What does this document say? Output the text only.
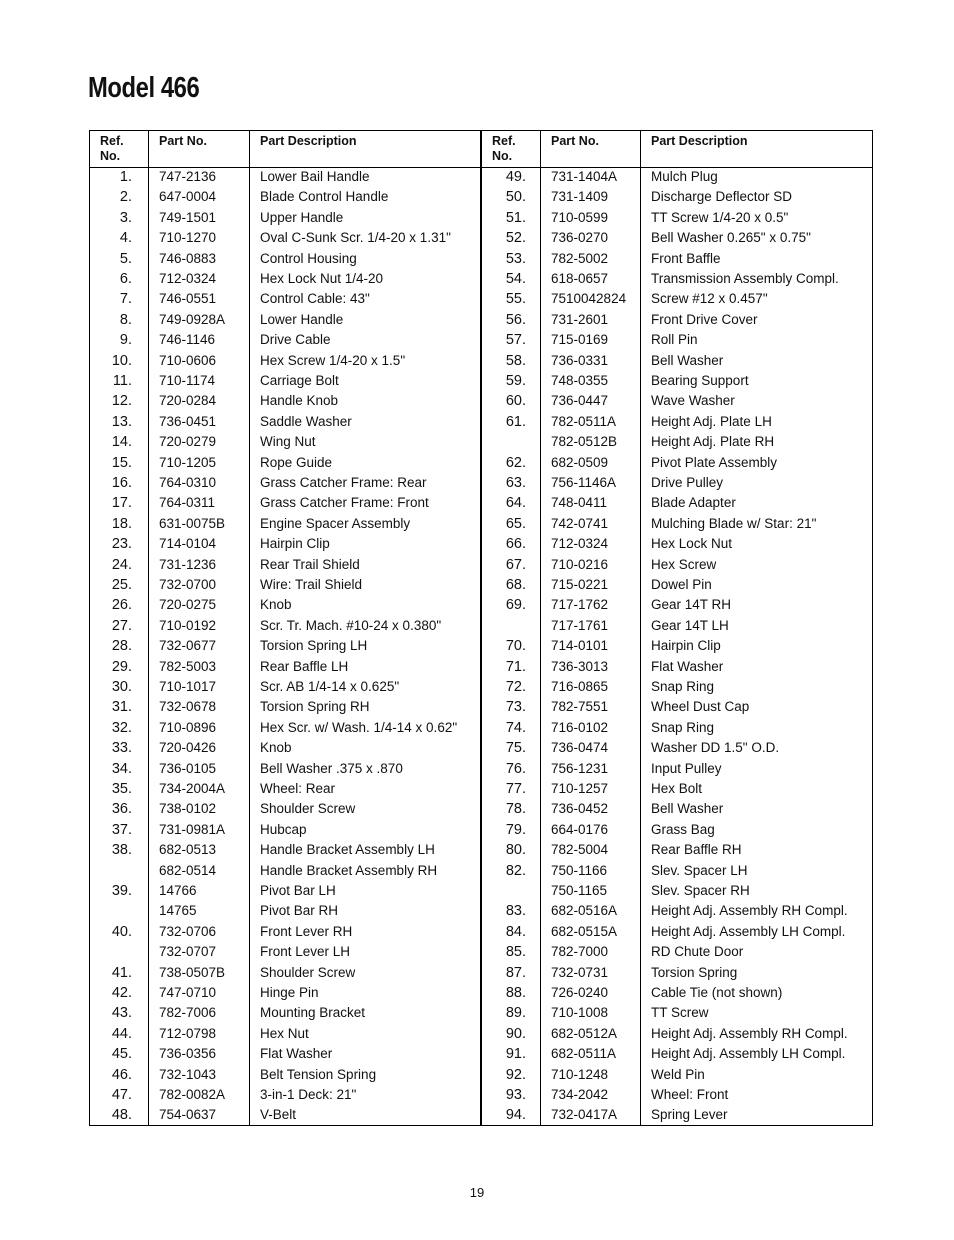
Model 466
Ref. No.
Part No.	Part Description
1. 747-2136	Lower Bail Handle
2. 647-0004	Blade Control Handle
3. 749-1501	Upper Handle
4. 710-1270	Oval C-Sunk Scr. 1/4-20 x 1.31"
5. 746-0883	Control Housing
6. 712-0324	Hex Lock Nut 1/4-20
7. 746-0551	Control Cable: 43"
8. 749-0928A	Lower Handle
9. 746-1146	Drive Cable
10. 710-0606	Hex Screw 1/4-20 x 1.5"
11. 710-1174	Carriage Bolt
12. 720-0284	Handle Knob
13. 736-0451	Saddle Washer
14. 720-0279	Wing Nut
15. 710-1205	Rope Guide
16. 764-0310	Grass Catcher Frame: Rear
17. 764-0311	Grass Catcher Frame: Front
18. 631-0075B	Engine Spacer Assembly
23. 714-0104	Hairpin Clip
24. 731-1236	Rear Trail Shield
25. 732-0700	Wire: Trail Shield
26. 720-0275	Knob
27. 710-0192	Scr. Tr. Mach. #10-24 x 0.380"
28. 732-0677	Torsion Spring LH
29. 782-5003	Rear Baffle LH
30. 710-1017	Scr. AB 1/4-14 x 0.625"
31. 732-0678	Torsion Spring RH
32. 710-0896	Hex Scr. w/ Wash. 1/4-14 x 0.62"
33. 720-0426	Knob
34. 736-0105	Bell Washer .375 x .870
35. 734-2004A	Wheel: Rear
36. 738-0102	Shoulder Screw
37. 731-0981A	Hubcap
38. 682-0513	Handle Bracket Assembly LH
682-0514	Handle Bracket Assembly RH
39. 14766	Pivot Bar LH
14765	Pivot Bar RH
40. 732-0706	Front Lever RH
732-0707	Front Lever LH
41. 738-0507B	Shoulder Screw
42. 747-0710	Hinge Pin
43. 782-7006	Mounting Bracket
44. 712-0798	Hex Nut
45. 736-0356	Flat Washer
46. 732-1043	Belt Tension Spring
47. 782-0082A	3-in-1 Deck: 21"
48. 754-0637	V-Belt
Ref. No.
Part No.	Part Description
49. 731-1404A	Mulch Plug
50. 731-1409	Discharge Deflector SD
51. 710-0599	TT Screw 1/4-20 x 0.5"
52. 736-0270	Bell Washer 0.265" x 0.75"
53. 782-5002	Front Baffle
54. 618-0657	Transmission Assembly Compl.
55. 7510042824 Screw #12 x 0.457"
56. 731-2601	Front Drive Cover
57. 715-0169	Roll Pin
58. 736-0331	Bell Washer
59. 748-0355	Bearing Support
60. 736-0447	Wave Washer
61. 782-0511A	Height Adj. Plate LH
782-0512B	Height Adj. Plate RH
62. 682-0509	Pivot Plate Assembly
63. 756-1146A	Drive Pulley
64. 748-0411	Blade Adapter
65. 742-0741	Mulching Blade w/ Star: 21"
66. 712-0324	Hex Lock Nut
67. 710-0216	Hex Screw
68. 715-0221	Dowel Pin
69. 717-1762	Gear 14T RH
717-1761	Gear 14T LH
70. 714-0101	Hairpin Clip
71. 736-3013	Flat Washer
72. 716-0865	Snap Ring
73. 782-7551	Wheel Dust Cap
74. 716-0102	Snap Ring
75. 736-0474	Washer DD 1.5" O.D.
76. 756-1231	Input Pulley
77. 710-1257	Hex Bolt
78. 736-0452	Bell Washer
79. 664-0176	Grass Bag
80. 782-5004	Rear Baffle RH
82. 750-1166	Slev. Spacer LH
750-1165	Slev. Spacer RH
83. 682-0516A	Height Adj. Assembly RH Compl.
84. 682-0515A	Height Adj. Assembly LH Compl.
85. 782-7000	RD Chute Door
87. 732-0731	Torsion Spring
88. 726-0240	Cable Tie (not shown)
89. 710-1008	TT Screw
90. 682-0512A	Height Adj. Assembly RH Compl.
91. 682-0511A	Height Adj. Assembly LH Compl.
92. 710-1248	Weld Pin
93. 734-2042	Wheel: Front
94. 732-0417A	Spring Lever
19
